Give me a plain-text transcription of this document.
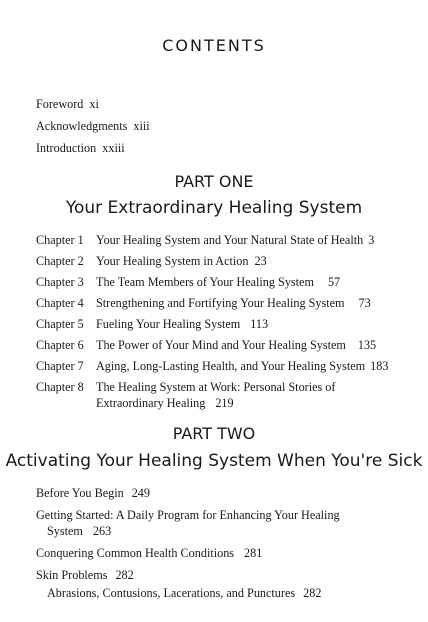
CONTENTS
Foreword xi
Acknowledgments xiii
Introduction xxiii
PART ONE
Your Extraordinary Healing System
Chapter 1 Your Healing System and Your Natural State of Health 3
Chapter 2 Your Healing System in Action 23
Chapter 3 The Team Members of Your Healing System 57
Chapter 4 Strengthening and Fortifying Your Healing System 73
Chapter 5 Fueling Your Healing System 113
Chapter 6 The Power of Your Mind and Your Healing System 135
Chapter 7 Aging, Long-Lasting Health, and Your Healing System 183
Chapter 8 The Healing System at Work: Personal Stories of
Extraordinary Healing 219
PART TWO
Activating Your Healing System When You're Sick
Before You Begin 249
Getting Started: A Daily Program for Enhancing Your Healing
System 263
Conquering Common Health Conditions 281
Skin Problems 282
Abrasions, Contusions, Lacerations, and Punctures 282
